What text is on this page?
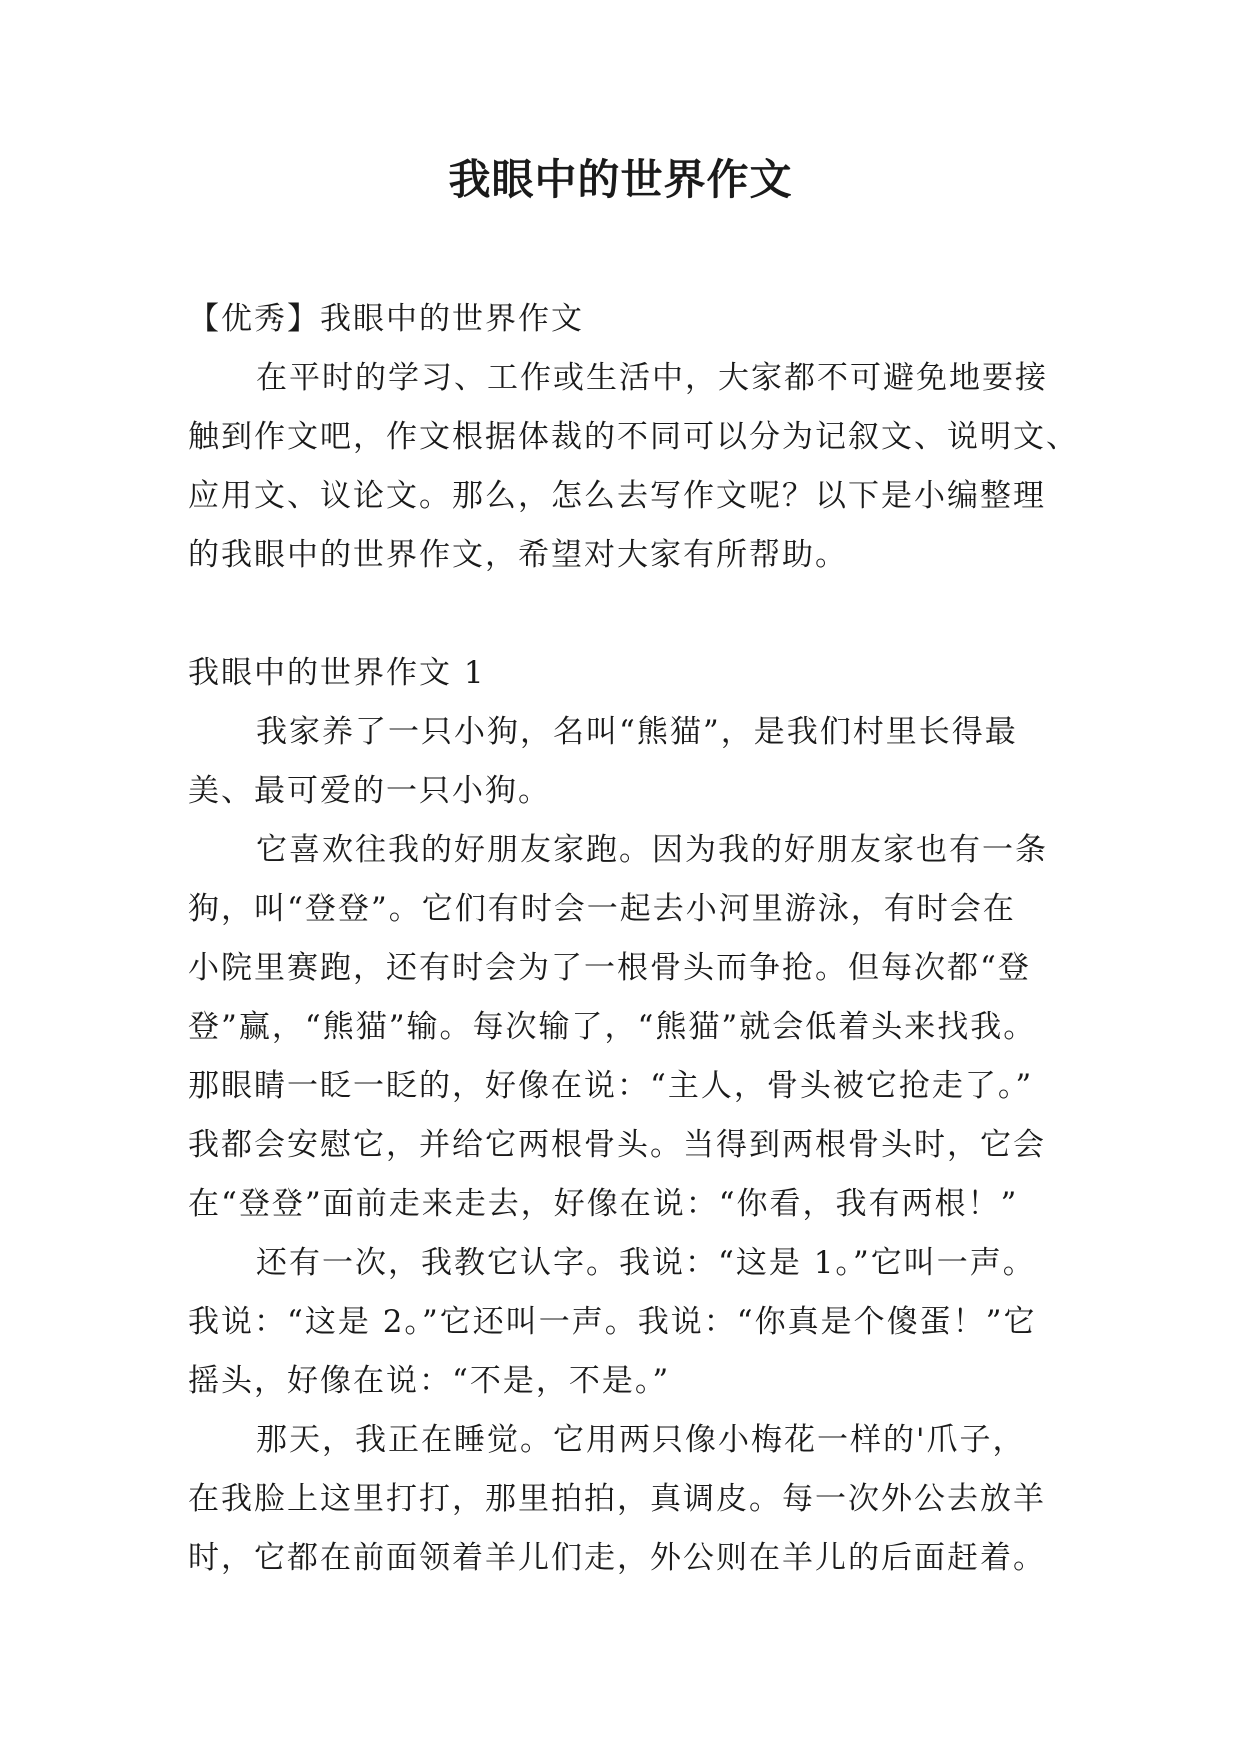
我眼中的世界作文
【优秀】我眼中的世界作文
在平时的学习、工作或生活中，大家都不可避免地要接
触到作文吧，作文根据体裁的不同可以分为记叙文、说明文、
应用文、议论文。那么，怎么去写作文呢？以下是小编整理
的我眼中的世界作文，希望对大家有所帮助。
我眼中的世界作文 1
我家养了一只小狗，名叫“熊猫”，是我们村里长得最
美、最可爱的一只小狗。
它喜欢往我的好朋友家跑。因为我的好朋友家也有一条
狗，叫“登登”。它们有时会一起去小河里游泳，有时会在
小院里赛跑，还有时会为了一根骨头而争抢。但每次都“登
登”赢，“熊猫”输。每次输了，“熊猫”就会低着头来找我。
那眼睛一眨一眨的，好像在说：“主人，骨头被它抢走了。”
我都会安慰它，并给它两根骨头。当得到两根骨头时，它会
在“登登”面前走来走去，好像在说：“你看，我有两根！”
还有一次，我教它认字。我说：“这是 1。”它叫一声。
我说：“这是 2。”它还叫一声。我说：“你真是个傻蛋！”它
摇头，好像在说：“不是，不是。”
那天，我正在睡觉。它用两只像小梅花一样的'爪子，
在我脸上这里打打，那里拍拍，真调皮。每一次外公去放羊
时，它都在前面领着羊儿们走，外公则在羊儿的后面赶着。
